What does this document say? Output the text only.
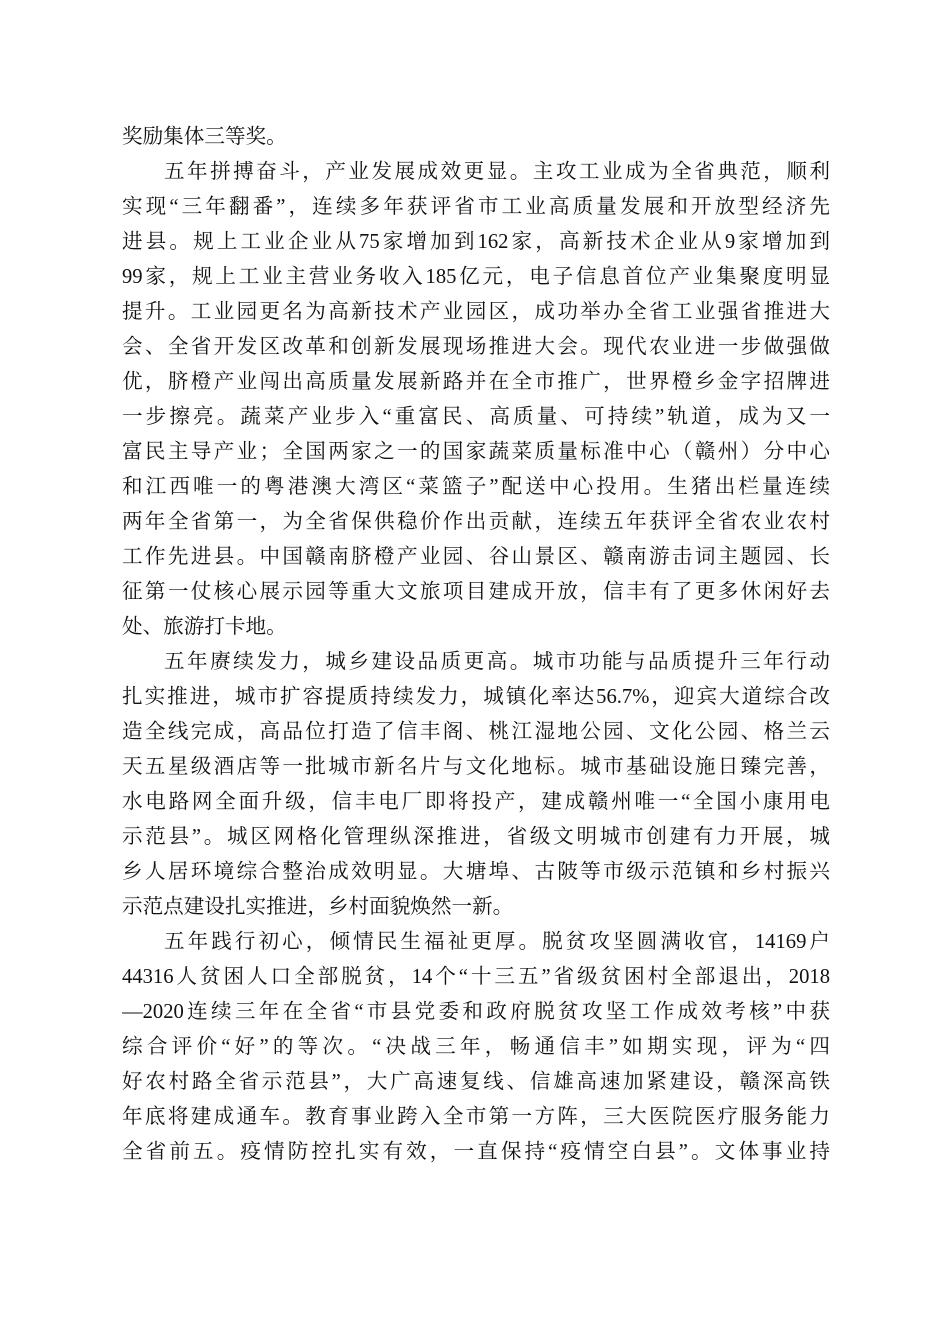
奖励集体三等奖。
五年拼搏奋斗，产业发展成效更显。主攻工业成为全省典范，顺利
实现“三年翻番”，连续多年获评省市工业高质量发展和开放型经济先
进县。规上工业企业从75家增加到162家，高新技术企业从9家增加到
99家，规上工业主营业务收入185亿元，电子信息首位产业集聚度明显
提升。工业园更名为高新技术产业园区，成功举办全省工业强省推进大
会、全省开发区改革和创新发展现场推进大会。现代农业进一步做强做
优，脐橙产业闯出高质量发展新路并在全市推广，世界橙乡金字招牌进
一步擦亮。蔬菜产业步入“重富民、高质量、可持续”轨道，成为又一
富民主导产业；全国两家之一的国家蔬菜质量标准中心（赣州）分中心
和江西唯一的粤港澳大湾区“菜篮子”配送中心投用。生猪出栏量连续
两年全省第一，为全省保供稳价作出贡献，连续五年获评全省农业农村
工作先进县。中国赣南脐橙产业园、谷山景区、赣南游击词主题园、长
征第一仗核心展示园等重大文旅项目建成开放，信丰有了更多休闲好去
处、旅游打卡地。
五年赓续发力，城乡建设品质更高。城市功能与品质提升三年行动
扎实推进，城市扩容提质持续发力，城镇化率达56.7%，迎宾大道综合改
造全线完成，高品位打造了信丰阁、桃江湿地公园、文化公园、格兰云
天五星级酒店等一批城市新名片与文化地标。城市基础设施日臻完善，
水电路网全面升级，信丰电厂即将投产，建成赣州唯一“全国小康用电
示范县”。城区网格化管理纵深推进，省级文明城市创建有力开展，城
乡人居环境综合整治成效明显。大塘埠、古陂等市级示范镇和乡村振兴
示范点建设扎实推进，乡村面貌焕然一新。
五年践行初心，倾情民生福祉更厚。脱贫攻坚圆满收官，14169户
44316人贫困人口全部脱贫，14个“十三五”省级贫困村全部退出，2018
—2020连续三年在全省“市县党委和政府脱贫攻坚工作成效考核”中获
综合评价“好”的等次。“决战三年，畅通信丰”如期实现，评为“四
好农村路全省示范县”，大广高速复线、信雄高速加紧建设，赣深高铁
年底将建成通车。教育事业跨入全市第一方阵，三大医院医疗服务能力
全省前五。疫情防控扎实有效，一直保持“疫情空白县”。文体事业持
